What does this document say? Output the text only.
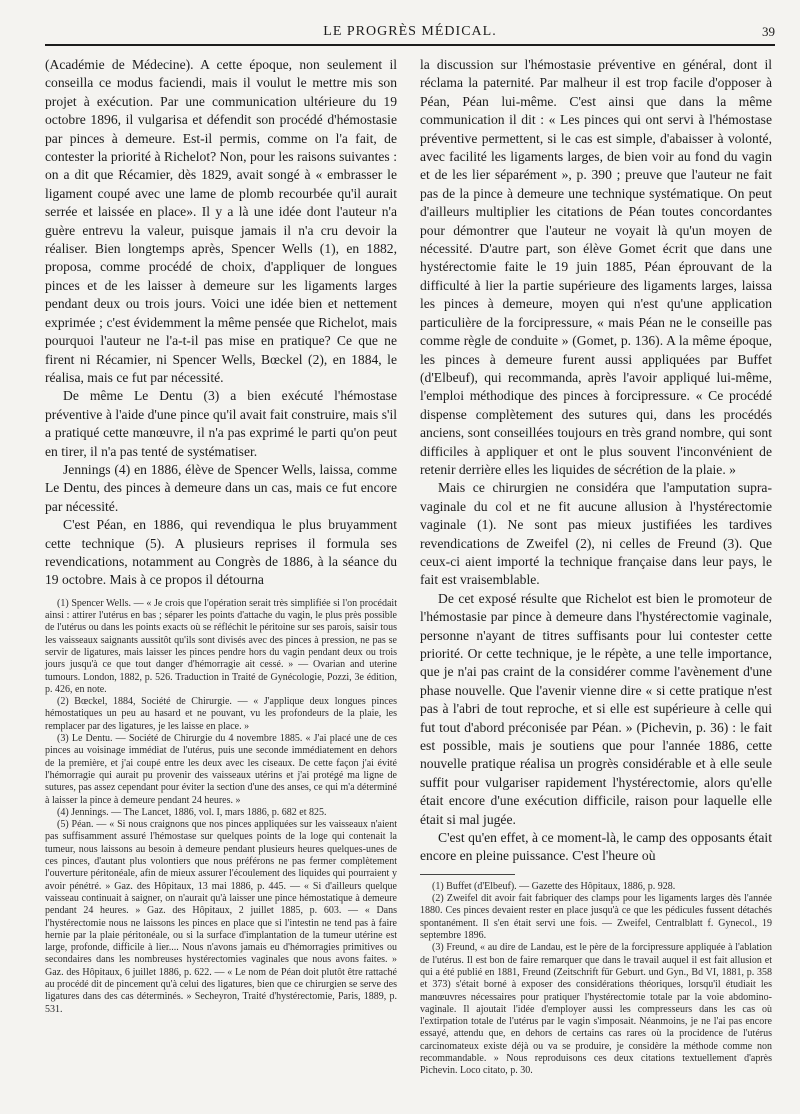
LE PROGRÈS MÉDICAL.	39

(Académie de Médecine). A cette époque, non seulement il conseilla ce modus faciendi, mais il voulut le mettre mis son projet à exécution. Par une communication ultérieure du 19 octobre 1896, il vulgarisa et défendit son procédé d'hémostasie par pinces à demeure. Est-il permis, comme on l'a fait, de contester la priorité à Richelot? Non, pour les raisons suivantes : on a dit que Récamier, dès 1829, avait songé à « embrasser le ligament coupé avec une lame de plomb recourbée qu'il aurait serrée et laissée en place». Il y a là une idée dont l'auteur n'a guère entrevu la valeur, puisque jamais il n'a cru devoir la réaliser. Bien longtemps après, Spencer Wells (1), en 1882, proposa, comme procédé de choix, d'appliquer de longues pinces et de les laisser à demeure sur les ligaments larges pendant deux ou trois jours. Voici une idée bien et nettement exprimée ; c'est évidemment la même pensée que Richelot, mais pourquoi l'auteur ne l'a-t-il pas mise en pratique? Ce que ne firent ni Récamier, ni Spencer Wells, Bœckel (2), en 1884, le réalisa, mais ce fut par nécessité.

De même Le Dentu (3) a bien exécuté l'hémostase préventive à l'aide d'une pince qu'il avait fait construire, mais s'il a pratiqué cette manœuvre, il n'a pas exprimé le parti qu'on peut en tirer, il n'a pas tenté de systématiser.

Jennings (4) en 1886, élève de Spencer Wells, laissa, comme Le Dentu, des pinces à demeure dans un cas, mais ce fut encore par nécessité.

C'est Péan, en 1886, qui revendiqua le plus bruyamment cette technique (5). A plusieurs reprises il formula ses revendications, notamment au Congrès de 1886, à la séance du 19 octobre. Mais à ce propos il détourna

(1) Spencer Wells. — « Je crois que l'opération serait très simplifiée si l'on procédait ainsi : attirer l'utérus en bas ; séparer les points d'attache du vagin, le plus près possible de l'utérus ou dans les points exacts où se réfléchit le péritoine sur ses parois, saisir tous les vaisseaux saignants aussitôt qu'ils sont divisés avec des pinces à pression, ne pas se servir de ligatures, mais laisser les pinces pendre hors du vagin pendant deux ou trois jours jusqu'à ce que tout danger d'hémorragie ait cessé. » — Ovarian and uterine tumours. London, 1882, p. 526. Traduction in Traité de Gynécologie, Pozzi, 3e édition, p. 426, en note.

(2) Bœckel, 1884, Société de Chirurgie. — « J'applique deux longues pinces hémostatiques un peu au hasard et ne pouvant, vu les profondeurs de la plaie, les remplacer par des ligatures, je les laisse en place. »

(3) Le Dentu. — Société de Chirurgie du 4 novembre 1885. « J'ai placé une de ces pinces au voisinage immédiat de l'utérus, puis une seconde immédiatement en dehors de la première, et j'ai coupé entre les deux avec les ciseaux. De cette façon j'ai évité l'hémorragie qui aurait pu provenir des vaisseaux utérins et j'ai protégé ma ligne de sutures, pas assez cependant pour éviter la section d'une des anses, ce qui m'a déterminé à laisser la pince à demeure pendant 24 heures. »

(4) Jennings. — The Lancet, 1886, vol. I, mars 1886, p. 682 et 825.

(5) Péan. — « Si nous craignons que nos pinces appliquées sur les vaisseaux n'aient pas suffisamment assuré l'hémostase sur quelques points de la loge qui contenait la tumeur, nous laissons au besoin à demeure pendant plusieurs heures quelques-unes de ces pinces, d'autant plus volontiers que nous préférons ne pas fermer complètement l'ouverture péritonéale, afin de mieux assurer l'écoulement des liquides qui pourraient y avoir pénétré. » Gaz. des Hôpitaux, 13 mai 1886, p. 445. — « Si d'ailleurs quelque vaisseau continuait à saigner, on n'aurait qu'à laisser une pince hémostatique à demeure pendant 24 heures. » Gaz. des Hôpitaux, 2 juillet 1885, p. 603. — « Dans l'hystérectomie nous ne laissons les pinces en place que si l'intestin ne tend pas à faire hernie par la plaie péritonéale, ou si la surface d'implantation de la tumeur utérine est large, profonde, difficile à lier.... Nous n'avons jamais eu d'hémorragies primitives ou secondaires dans les nombreuses hystérectomies vaginales que nous avons faites. » Gaz. des Hôpitaux, 6 juillet 1886, p. 622. — « Le nom de Péan doit plutôt être rattaché au procédé dit de pincement qu'à celui des ligatures, bien que ce chirurgien se serve des ligatures dans des cas déterminés. » Secheyron, Traité d'hystérectomie, Paris, 1889, p. 531.

la discussion sur l'hémostasie préventive en général, dont il réclama la paternité. Par malheur il est trop facile d'opposer à Péan, Péan lui-même. C'est ainsi que dans la même communication il dit : « Les pinces qui ont servi à l'hémostase préventive permettent, si le cas est simple, d'abaisser à volonté, avec facilité les ligaments larges, de bien voir au fond du vagin et de les lier séparément », p. 390 ; preuve que l'auteur ne fait pas de la pince à demeure une technique systématique. On peut d'ailleurs multiplier les citations de Péan toutes concordantes pour démontrer que l'auteur ne voyait là qu'un moyen de nécessité. D'autre part, son élève Gomet écrit que dans une hystérectomie faite le 19 juin 1885, Péan éprouvant de la difficulté à lier la partie supérieure des ligaments larges, laissa les pinces à demeure, moyen qui n'est qu'une application particulière de la forcipressure, « mais Péan ne le conseille pas comme règle de conduite » (Gomet, p. 136). A la même époque, les pinces à demeure furent aussi appliquées par Buffet (d'Elbeuf), qui recommanda, après l'avoir appliqué lui-même, l'emploi méthodique des pinces à forcipressure. « Ce procédé dispense complètement des sutures qui, dans les procédés anciens, sont conseillées toujours en très grand nombre, qui sont difficiles à appliquer et ont le plus souvent l'inconvénient de retenir derrière elles les liquides de sécrétion de la plaie. »

Mais ce chirurgien ne considéra que l'amputation supra-vaginale du col et ne fit aucune allusion à l'hystérectomie vaginale (1). Ne sont pas mieux justifiées les tardives revendications de Zweifel (2), ni celles de Freund (3). Que ceux-ci aient importé la technique française dans leur pays, le fait est vraisemblable.

De cet exposé résulte que Richelot est bien le promoteur de l'hémostasie par pince à demeure dans l'hystérectomie vaginale, personne n'ayant de titres suffisants pour lui contester cette priorité. Or cette technique, je le répète, a une telle importance, que je n'ai pas craint de la considérer comme l'avènement d'une phase nouvelle. Que l'avenir vienne dire « si cette pratique n'est pas à l'abri de tout reproche, et si elle est supérieure à celle qui fut tout d'abord préconisée par Péan. » (Pichevin, p. 36) : le fait est possible, mais je soutiens que pour l'année 1886, cette nouvelle pratique réalisa un progrès considérable et à elle seule suffit pour vulgariser rapidement l'hystérectomie, alors qu'elle était encore d'une exécution difficile, raison pour laquelle elle était si mal jugée.

C'est qu'en effet, à ce moment-là, le camp des opposants était encore en pleine puissance. C'est l'heure où

(1) Buffet (d'Elbeuf). — Gazette des Hôpitaux, 1886, p. 928.

(2) Zweifel dit avoir fait fabriquer des clamps pour les ligaments larges dès l'année 1880. Ces pinces devaient rester en place jusqu'à ce que les pédicules fussent détachés spontanément. Il s'en était servi une fois. — Zweifel, Centralblatt f. Gynecol., 19 septembre 1896.

(3) Freund, « au dire de Landau, est le père de la forcipressure appliquée à l'ablation de l'utérus. Il est bon de faire remarquer que dans le travail auquel il est fait allusion et qui a été publié en 1881, Freund (Zeitschrift für Geburt. und Gyn., Bd VI, 1881, p. 358 et 373) s'était borné à exposer des considérations théoriques, lorsqu'il étudiait les manœuvres nécessaires pour pratiquer l'hystérectomie totale par la voie abdomino-vaginale. Il ajoutait l'idée d'employer aussi les compresseurs dans les cas où l'extirpation totale de l'utérus par le vagin s'imposait. Néanmoins, je ne l'ai pas encore essayé, attendu que, en dehors de certains cas rares où la procidence de l'utérus carcinomateux existe déjà ou va se produire, je considère la méthode comme non recommandable. » Nous reproduisons ces deux citations textuellement d'après Pichevin. Loco citato, p. 30.
